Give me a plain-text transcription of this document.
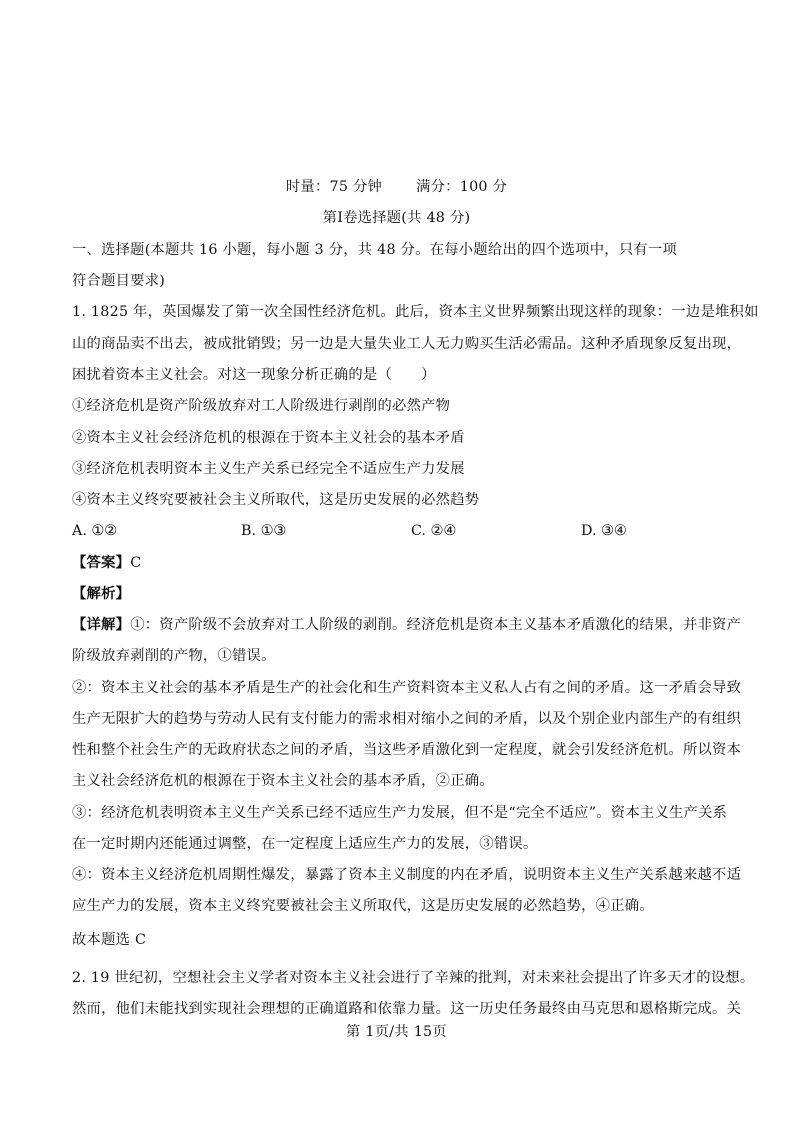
时量：75 分钟 满分：100 分
第Ⅰ卷选择题(共 48 分)
一、选择题(本题共 16 小题，每小题 3 分，共 48 分。在每小题给出的四个选项中，只有一项
符合题目要求)
1. 1825 年，英国爆发了第一次全国性经济危机。此后，资本主义世界频繁出现这样的现象：一边是堆积如
山的商品卖不出去，被成批销毁；另一边是大量失业工人无力购买生活必需品。这种矛盾现象反复出现，
困扰着资本主义社会。对这一现象分析正确的是（　　）
①经济危机是资产阶级放弃对工人阶级进行剥削的必然产物
②资本主义社会经济危机的根源在于资本主义社会的基本矛盾
③经济危机表明资本主义生产关系已经完全不适应生产力发展
④资本主义终究要被社会主义所取代，这是历史发展的必然趋势
A. ①②	B. ①③	C. ②④	D. ③④
【答案】C
【解析】
【详解】①：资产阶级不会放弃对工人阶级的剥削。经济危机是资本主义基本矛盾激化的结果，并非资产
阶级放弃剥削的产物，①错误。
②：资本主义社会的基本矛盾是生产的社会化和生产资料资本主义私人占有之间的矛盾。这一矛盾会导致
生产无限扩大的趋势与劳动人民有支付能力的需求相对缩小之间的矛盾，以及个别企业内部生产的有组织
性和整个社会生产的无政府状态之间的矛盾，当这些矛盾激化到一定程度，就会引发经济危机。所以资本
主义社会经济危机的根源在于资本主义社会的基本矛盾，②正确。
③：经济危机表明资本主义生产关系已经不适应生产力发展，但不是“完全不适应”。资本主义生产关系
在一定时期内还能通过调整，在一定程度上适应生产力的发展，③错误。
④：资本主义经济危机周期性爆发，暴露了资本主义制度的内在矛盾，说明资本主义生产关系越来越不适
应生产力的发展，资本主义终究要被社会主义所取代，这是历史发展的必然趋势，④正确。
故本题选 C
2. 19 世纪初，空想社会主义学者对资本主义社会进行了辛辣的批判，对未来社会提出了许多天才的设想。
然而，他们未能找到实现社会理想的正确道路和依靠力量。这一历史任务最终由马克思和恩格斯完成。关
第 1页/共 15页
